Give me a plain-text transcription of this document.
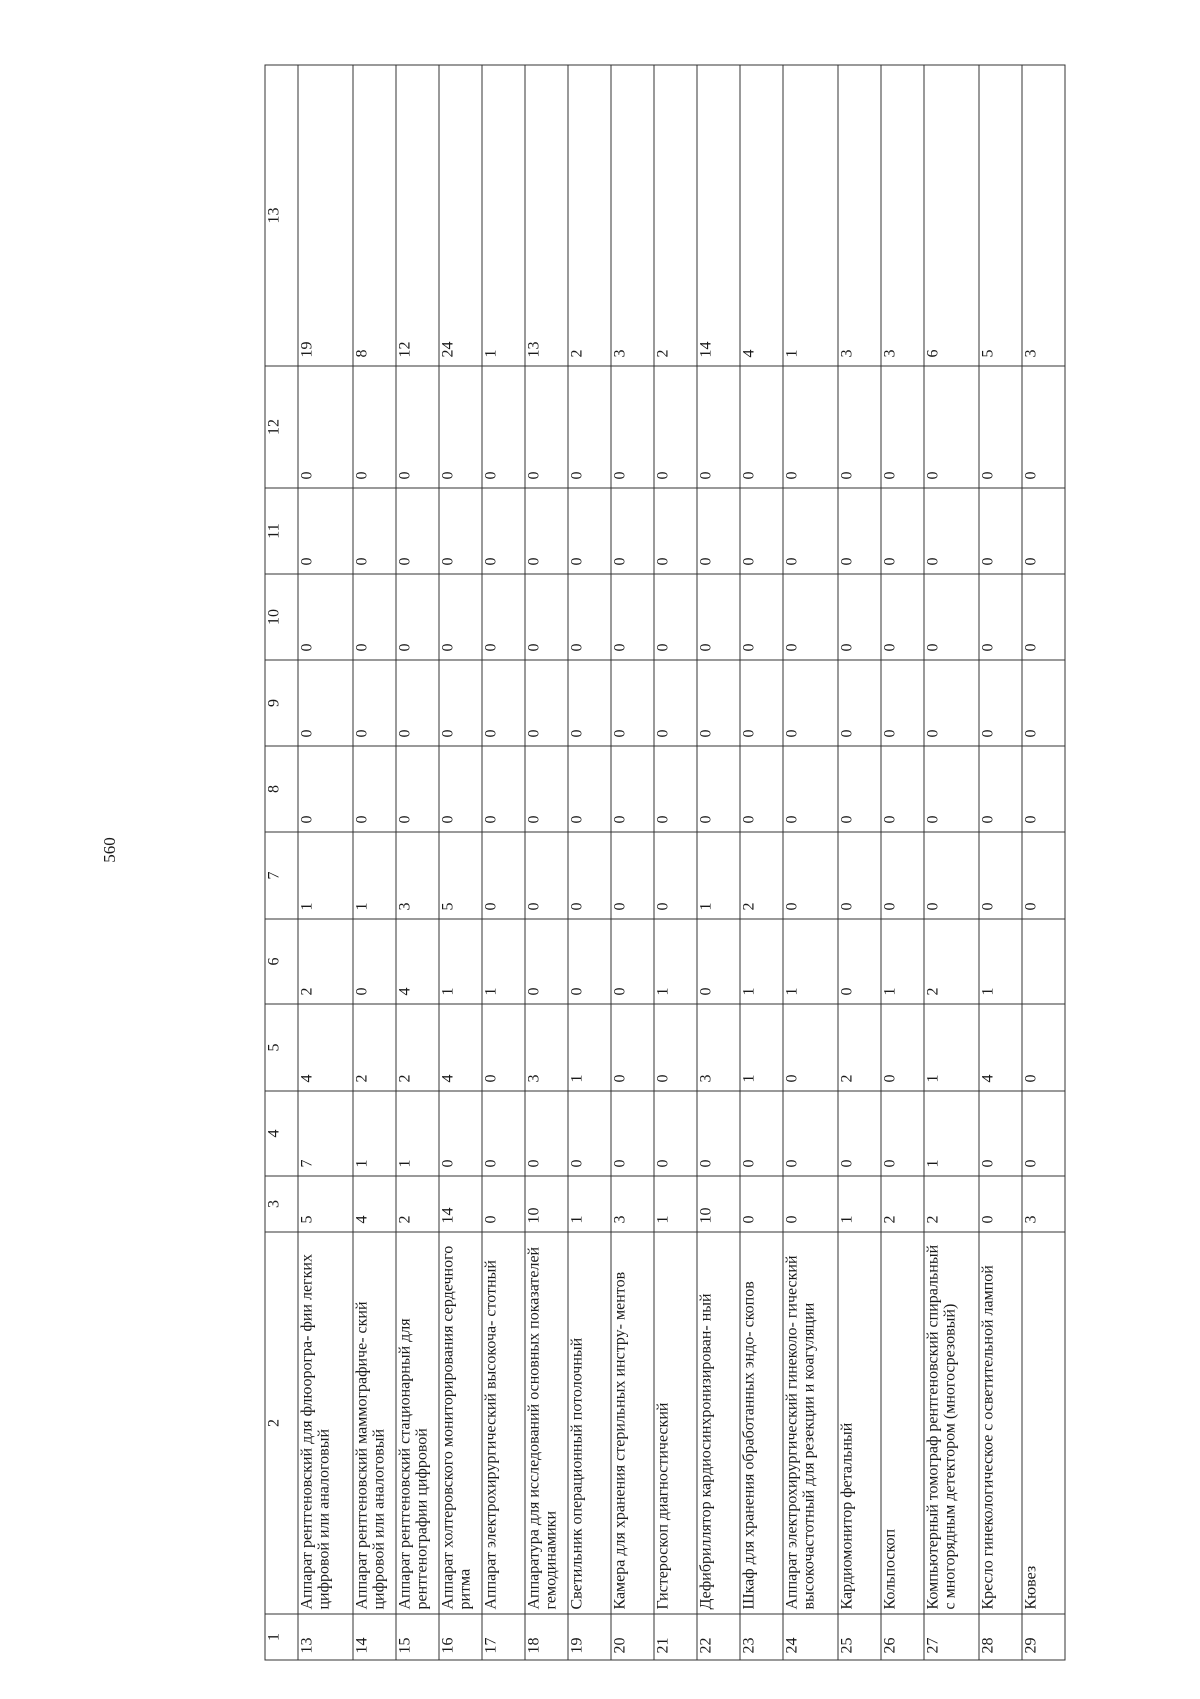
560
1	2	3	4	5	6	7	8	9	10	11	12	13
13	Аппарат рентгеновский для флюорогра- фии легких цифровой или аналоговый	5	7	4	2	1	0	0	0	0	0	19
14	Аппарат рентгеновский маммографиче- ский цифровой или аналоговый	4	1	2	0	1	0	0	0	0	0	8
15	Аппарат рентгеновский стационарный для рентгенографии цифровой	2	1	2	4	3	0	0	0	0	0	12
16	Аппарат холтеровского мониторирования сердечного ритма	14	0	4	1	5	0	0	0	0	0	24
17	Аппарат электрохирургический высокоча- стотный	0	0	0	1	0	0	0	0	0	0	1
18	Аппаратура для исследований основных показателей гемодинамики	10	0	3	0	0	0	0	0	0	0	13
19	Светильник операционный потолочный	1	0	1	0	0	0	0	0	0	0	2
20	Камера для хранения стерильных инстру- ментов	3	0	0	0	0	0	0	0	0	0	3
21	Гистероскоп диагностический	1	0	0	1	0	0	0	0	0	0	2
22	Дефибриллятор кардиосинхронизирован- ный	10	0	3	0	1	0	0	0	0	0	14
23	Шкаф для хранения обработанных эндо- скопов	0	0	1	1	2	0	0	0	0	0	4
24	Аппарат электрохирургический гинеколо- гический высокочастотный для резекции и коагуляции	0	0	0	1	0	0	0	0	0	0	1
25	Кардиомонитор фетальный	1	0	2	0	0	0	0	0	0	0	3
26	Кольпоскоп	2	0	0	1	0	0	0	0	0	0	3
27	Компьютерный томограф рентгеновский спиральный с многорядным детектором (многосрезовый)	2	1	1	2	0	0	0	0	0	0	6
28	Кресло гинекологическое с осветительной лампой	0	0	4	1	0	0	0	0	0	0	5
29	Кювез	3	0	0		0	0	0	0	0	0	3
